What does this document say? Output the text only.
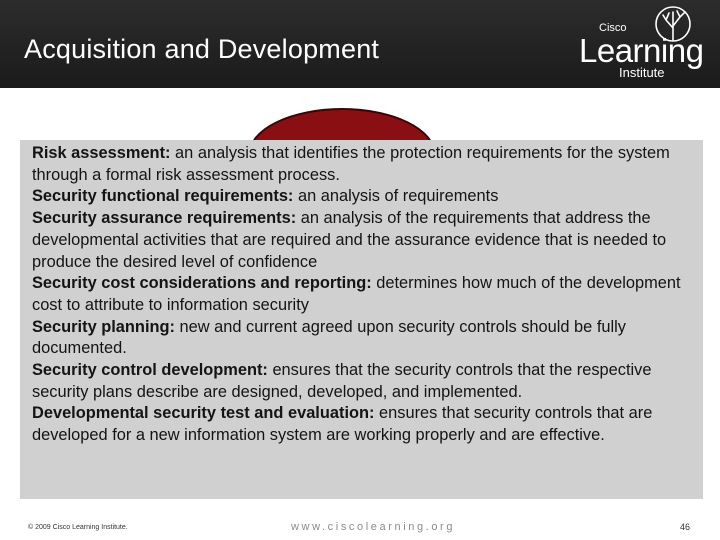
Acquisition and Development
Cisco
Learning
Institute

Risk assessment: an analysis that identifies the protection requirements for the system through a formal risk assessment process.

Security functional requirements: an analysis of requirements

Security assurance requirements: an analysis of the requirements that address the developmental activities that are required and the assurance evidence that is needed to produce the desired level of confidence

Security cost considerations and reporting: determines how much of the development cost to attribute to information security

Security planning: new and current agreed upon security controls should be fully documented.

Security control development: ensures that the security controls that the respective security plans describe are designed, developed, and implemented.

Developmental security test and evaluation: ensures that security controls that are developed for a new information system are working properly and are effective.

© 2009 Cisco Learning Institute.	www.ciscolearning.org	46
